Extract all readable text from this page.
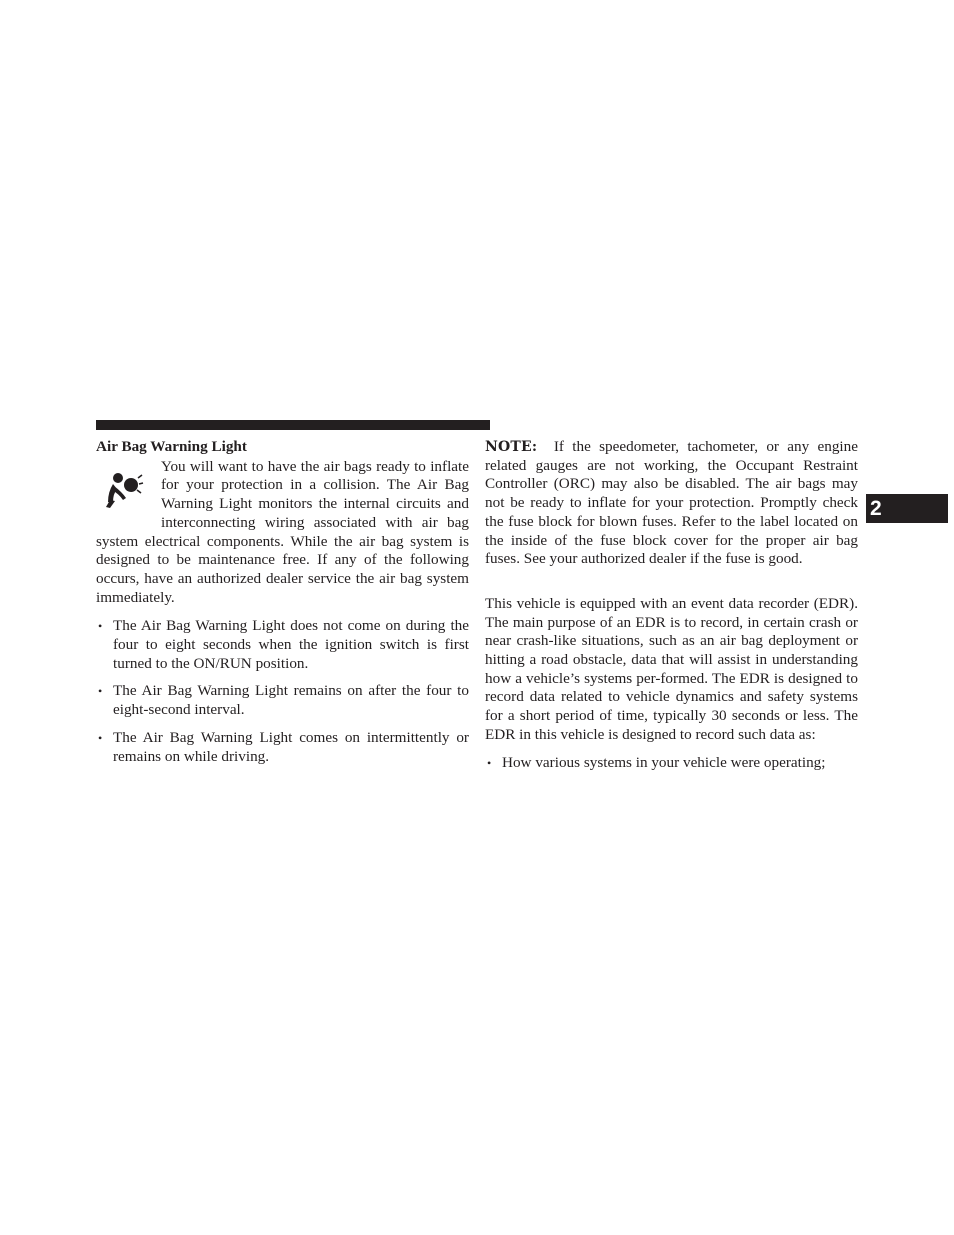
Air Bag Warning Light

You will want to have the air bags ready to inflate for your protection in a collision. The Air Bag Warning Light monitors the internal circuits and interconnecting wiring associated with air bag system electrical components. While the air bag system is designed to be maintenance free. If any of the following occurs, have an authorized dealer service the air bag system immediately.

• The Air Bag Warning Light does not come on during the four to eight seconds when the ignition switch is first turned to the ON/RUN position.
• The Air Bag Warning Light remains on after the four to eight-second interval.
• The Air Bag Warning Light comes on intermittently or remains on while driving.

NOTE: If the speedometer, tachometer, or any engine related gauges are not working, the Occupant Restraint Controller (ORC) may also be disabled. The air bags may not be ready to inflate for your protection. Promptly check the fuse block for blown fuses. Refer to the label located on the inside of the fuse block cover for the proper air bag fuses. See your authorized dealer if the fuse is good.

This vehicle is equipped with an event data recorder (EDR). The main purpose of an EDR is to record, in certain crash or near crash-like situations, such as an air bag deployment or hitting a road obstacle, data that will assist in understanding how a vehicle’s systems per-formed. The EDR is designed to record data related to vehicle dynamics and safety systems for a short period of time, typically 30 seconds or less. The EDR in this vehicle is designed to record such data as:

• How various systems in your vehicle were operating;
2
